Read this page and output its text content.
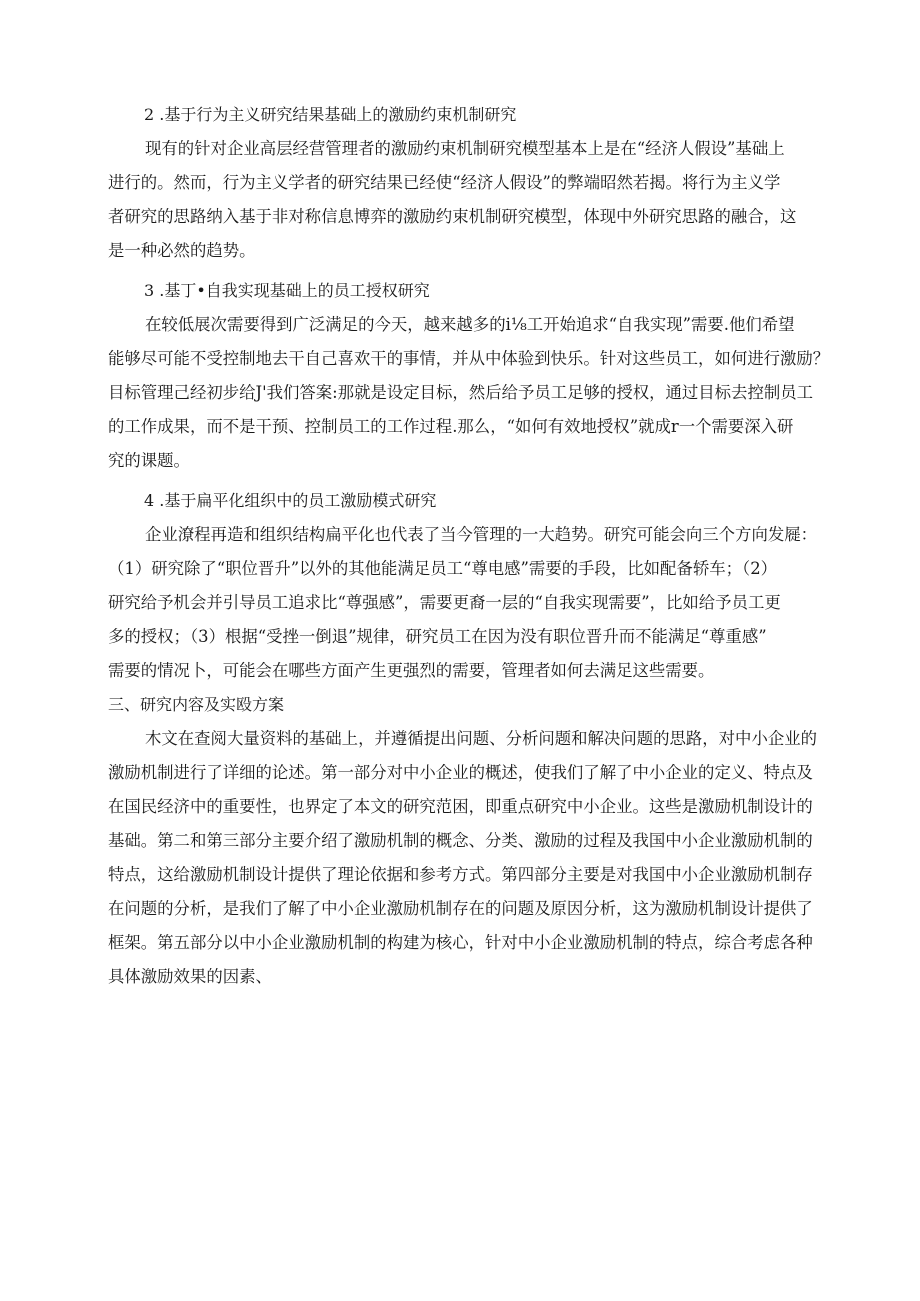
2 .基于行为主义研究结果基础上的激励约束机制研究
现有的针对企业高层经营管理者的激励约束机制研究模型基本上是在“经济人假设”基础上
进行的。然而，行为主义学者的研究结果已经使“经济人假设”的弊端昭然若揭。将行为主义学
者研究的思路纳入基于非对称信息博弈的激励约束机制研究模型，体现中外研究思路的融合，这
是一种必然的趋势。
3 .基丁•自我实现基础上的员工授权研究
在较低展次需要得到广泛满足的今天，越来越多的i⅛工开始追求“自我实现”需要.他们希望
能够尽可能不受控制地去干自己喜欢干的事情，并从中体验到快乐。针对这些员工，如何进行激励？
目标管理己经初步给J'我们答案:那就是设定目标，然后给予员工足够的授权，通过目标去控制员工
的工作成果，而不是干预、控制员工的工作过程.那么，“如何有效地授权”就成r一个需要深入研
究的课题。
4 .基于扁平化组织中的员工激励模式研究
企业潦程再造和组织结构扁平化也代表了当今管理的一大趋势。研究可能会向三个方向发屣：
（1）研究除了“职位晋升”以外的其他能满足员工“尊电感”需要的手段，比如配备轿车；（2）
研究给予机会并引导员工追求比“尊强感”，需要更裔一层的“自我实现需要”，比如给予员工更
多的授权；（3）根据“受挫一倒退”规律，研究员工在因为没有职位晋升而不能满足“尊重感”
需要的情况卜，可能会在哪些方面产生更强烈的需要，管理者如何去满足这些需要。
三、研究内容及实殴方案
木文在查阅大量资料的基础上，并遵循提出问题、分析问题和解决问题的思路，对中小企业的
激励机制进行了详细的论述。第一部分对中小企业的概述，使我们了解了中小企业的定义、特点及
在国民经济中的重要性，也界定了本文的研究范困，即重点研究中小企业。这些是激励机制设计的
基础。第二和第三部分主要介绍了激励机制的概念、分类、激励的过程及我国中小企业激励机制的
特点，这给激励机制设计提供了理论依据和参考方式。第四部分主要是对我国中小企业激励机制存
在问题的分析，是我们了解了中小企业激励机制存在的问题及原因分析，这为激励机制设计提供了
框架。第五部分以中小企业激励机制的构建为核心，针对中小企业激励机制的特点，综合考虑各种
具体激励效果的因素、
